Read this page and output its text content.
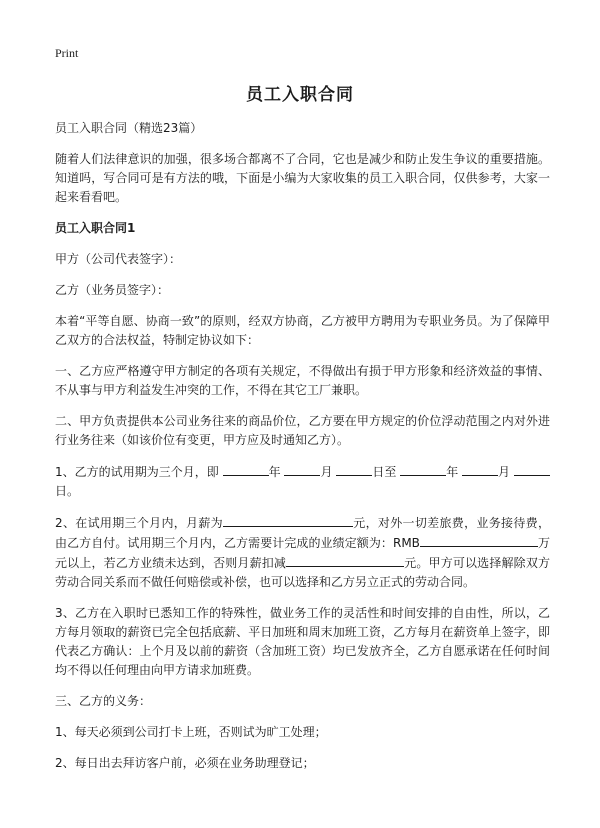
Print
员工入职合同

员工入职合同（精选23篇）

随着人们法律意识的加强，很多场合都离不了合同，它也是减少和防止发生争议的重要措施。知道吗，写合同可是有方法的哦，下面是小编为大家收集的员工入职合同，仅供参考，大家一起来看看吧。

员工入职合同1

甲方（公司代表签字）：

乙方（业务员签字）：

本着“平等自愿、协商一致”的原则，经双方协商，乙方被甲方聘用为专职业务员。为了保障甲乙双方的合法权益，特制定协议如下：

一、乙方应严格遵守甲方制定的各项有关规定，不得做出有损于甲方形象和经济效益的事情、不从事与甲方利益发生冲突的工作，不得在其它工厂兼职。

二、甲方负责提供本公司业务往来的商品价位，乙方要在甲方规定的价位浮动范围之内对外进行业务往来（如该价位有变更，甲方应及时通知乙方）。

1、乙方的试用期为三个月，即	年	月	日至	年	月 日。

2、在试用期三个月内，月薪为	元，对外一切差旅费，业务接待费，由乙方自付。试用期三个月内，乙方需要计完成的业绩定额为：RMB	万元以上，若乙方业绩未达到，否则月薪扣减	元。甲方可以选择解除双方劳动合同关系而不做任何赔偿或补偿，也可以选择和乙方另立正式的劳动合同。

3、乙方在入职时已悉知工作的特殊性，做业务工作的灵活性和时间安排的自由性，所以，乙方每月领取的薪资已完全包括底薪、平日加班和周末加班工资，乙方每月在薪资单上签字，即代表乙方确认：上个月及以前的薪资（含加班工资）均已发放齐全，乙方自愿承诺在任何时间均不得以任何理由向甲方请求加班费。

三、乙方的义务：

1、每天必须到公司打卡上班，否则试为旷工处理；

2、每日出去拜访客户前，必须在业务助理登记；
